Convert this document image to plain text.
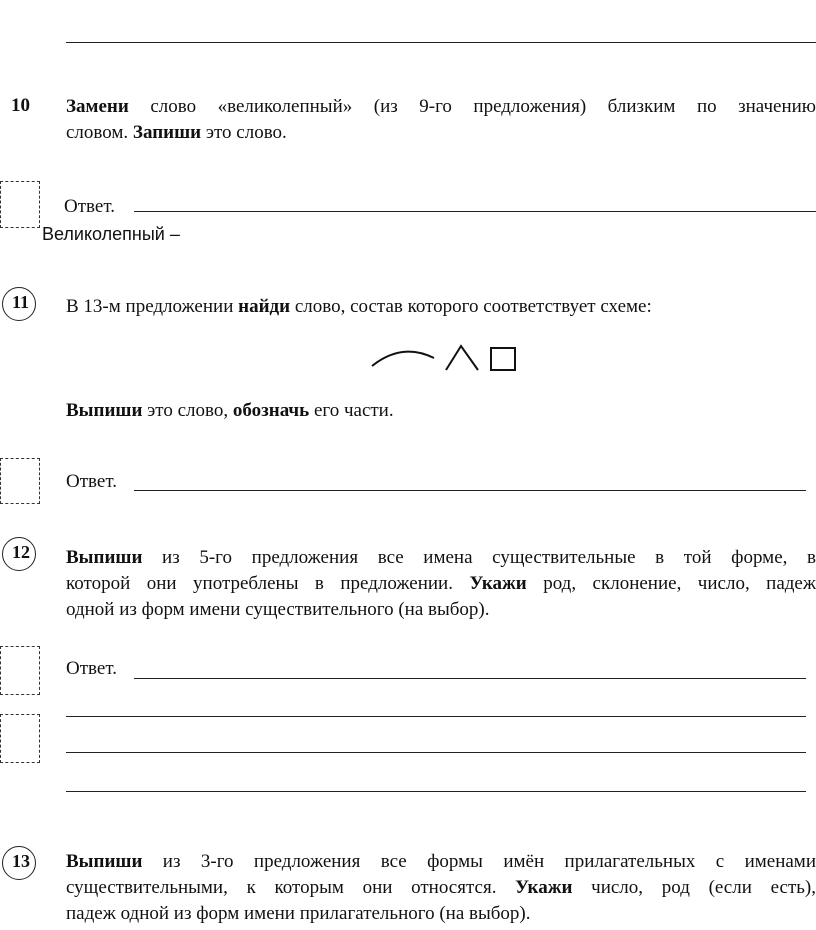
10 Замени слово «великолепный» (из 9-го предложения) близким по значению
словом. Запиши это слово.
Ответ.
Великолепный –
11 В 13-м предложении найди слово, состав которого соответствует схеме:
Выпиши это слово, обозначь его части.
Ответ.
12 Выпиши из 5-го предложения все имена существительные в той форме, в
которой они употреблены в предложении. Укажи род, склонение, число, падеж
одной из форм имени существительного (на выбор).
Ответ.
13 Выпиши из 3-го предложения все формы имён прилагательных с именами
существительными, к которым они относятся. Укажи число, род (если есть),
падеж одной из форм имени прилагательного (на выбор).
